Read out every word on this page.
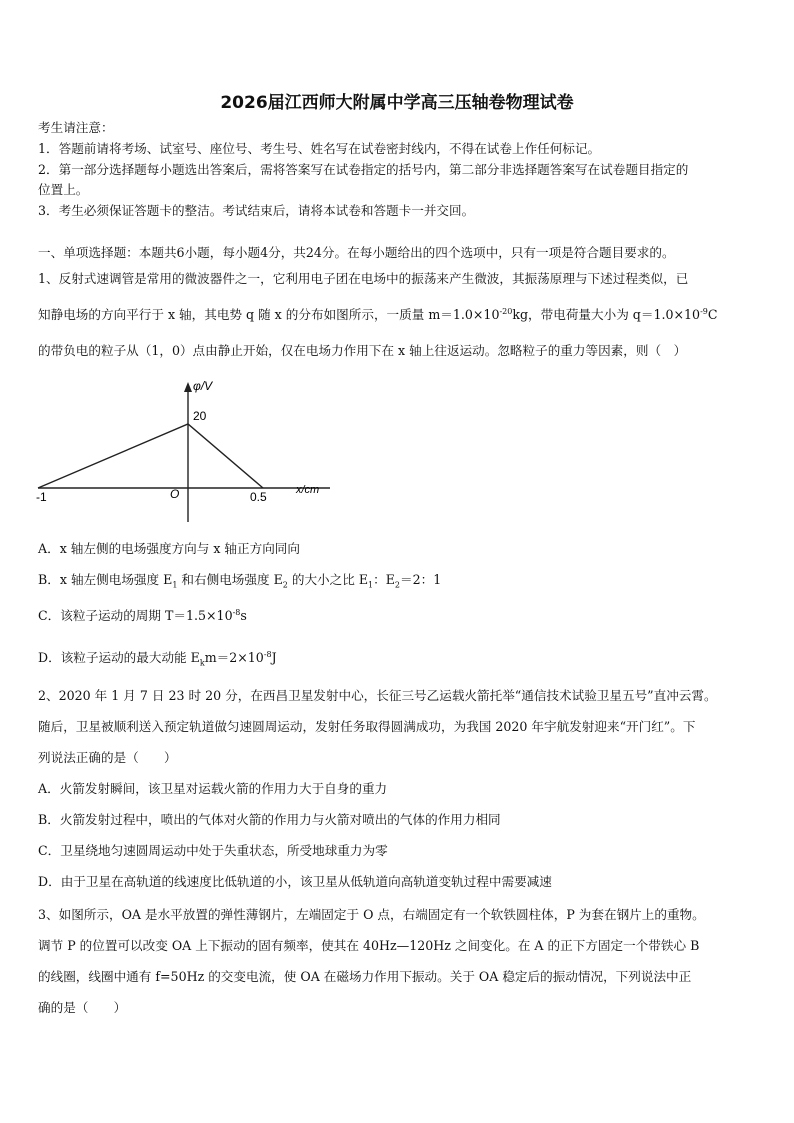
2026届江西师大附属中学高三压轴卷物理试卷
考生请注意：
1．答题前请将考场、试室号、座位号、考生号、姓名写在试卷密封线内，不得在试卷上作任何标记。
2．第一部分选择题每小题选出答案后，需将答案写在试卷指定的括号内，第二部分非选择题答案写在试卷题目指定的
位置上。
3．考生必须保证答题卡的整洁。考试结束后，请将本试卷和答题卡一并交回。
一、单项选择题：本题共6小题，每小题4分，共24分。在每小题给出的四个选项中，只有一项是符合题目要求的。
1、反射式速调管是常用的微波器件之一，它利用电子团在电场中的振荡来产生微波，其振荡原理与下述过程类似，已
知静电场的方向平行于 x 轴，其电势 q 随 x 的分布如图所示，一质量 $m=1.0\times 10^{-20}kg$，带电荷量大小为 $q=1.0\times 10^{-9}C$
的带负电的粒子从（1，0）点由静止开始，仅在电场力作用下在 x 轴上往返运动。忽略粒子的重力等因素，则（　）
φ/V
20
O
-1	0.5	x/cm
A．x 轴左侧的电场强度方向与 x 轴正方向同向
B．x 轴左侧电场强度 $E_1$ 和右侧电场强度 $E_2$ 的大小之比 $E_1$：$E_2=2$：1
C．该粒子运动的周期 $T=1.5\times 10^{-8}s$
D．该粒子运动的最大动能 $E_km=2\times 10^{-8}J$
2、2020 年 1 月 7 日 23 时 20 分，在西昌卫星发射中心，长征三号乙运载火箭托举“通信技术试验卫星五号”直冲云霄。
随后，卫星被顺利送入预定轨道做匀速圆周运动，发射任务取得圆满成功，为我国 2020 年宇航发射迎来“开门红”。下
列说法正确的是（　　）
A．火箭发射瞬间，该卫星对运载火箭的作用力大于自身的重力
B．火箭发射过程中，喷出的气体对火箭的作用力与火箭对喷出的气体的作用力相同
C．卫星绕地匀速圆周运动中处于失重状态，所受地球重力为零
D．由于卫星在高轨道的线速度比低轨道的小，该卫星从低轨道向高轨道变轨过程中需要减速
3、如图所示，OA 是水平放置的弹性薄钢片，左端固定于 O 点，右端固定有一个软铁圆柱体，P 为套在钢片上的重物。
调节 P 的位置可以改变 OA 上下振动的固有频率，使其在 40Hz—120Hz 之间变化。在 A 的正下方固定一个带铁心 B
的线圈，线圈中通有 f=50Hz 的交变电流，使 OA 在磁场力作用下振动。关于 OA 稳定后的振动情况，下列说法中正
确的是（　　）
